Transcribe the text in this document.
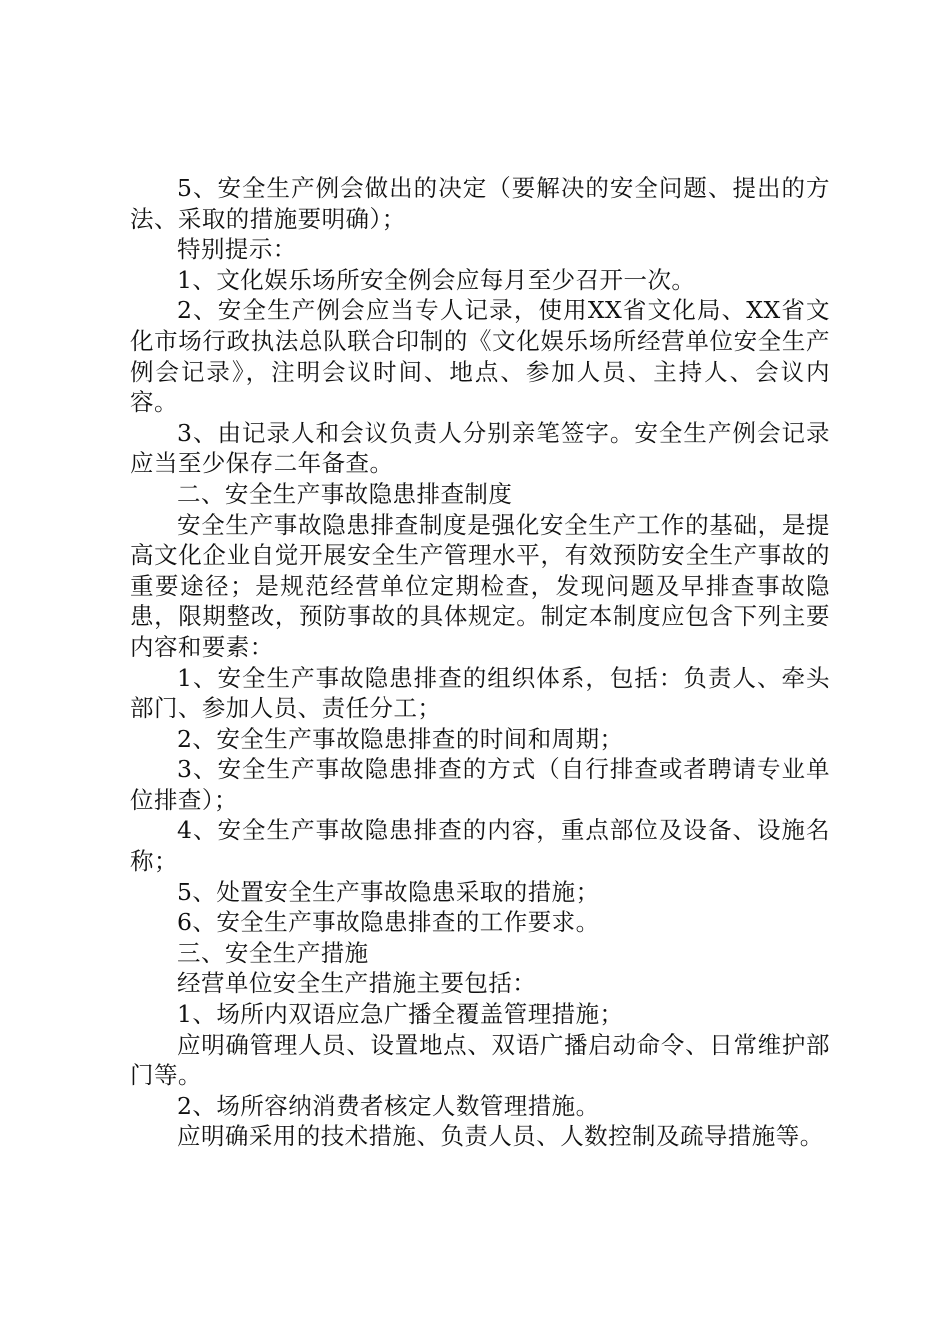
5、安全生产例会做出的决定（要解决的安全问题、提出的方法、采取的措施要明确）；

特别提示：

1、文化娱乐场所安全例会应每月至少召开一次。

2、安全生产例会应当专人记录，使用XX省文化局、XX省文化市场行政执法总队联合印制的《文化娱乐场所经营单位安全生产例会记录》，注明会议时间、地点、参加人员、主持人、会议内容。

3、由记录人和会议负责人分别亲笔签字。安全生产例会记录应当至少保存二年备查。

二、安全生产事故隐患排查制度

安全生产事故隐患排查制度是强化安全生产工作的基础，是提高文化企业自觉开展安全生产管理水平，有效预防安全生产事故的重要途径；是规范经营单位定期检查，发现问题及早排查事故隐患，限期整改，预防事故的具体规定。制定本制度应包含下列主要内容和要素：

1、安全生产事故隐患排查的组织体系，包括：负责人、牵头部门、参加人员、责任分工；

2、安全生产事故隐患排查的时间和周期；

3、安全生产事故隐患排查的方式（自行排查或者聘请专业单位排查）；

4、安全生产事故隐患排查的内容，重点部位及设备、设施名称；

5、处置安全生产事故隐患采取的措施；

6、安全生产事故隐患排查的工作要求。

三、安全生产措施

经营单位安全生产措施主要包括：

1、场所内双语应急广播全覆盖管理措施；

应明确管理人员、设置地点、双语广播启动命令、日常维护部门等。

2、场所容纳消费者核定人数管理措施。

应明确采用的技术措施、负责人员、人数控制及疏导措施等。
